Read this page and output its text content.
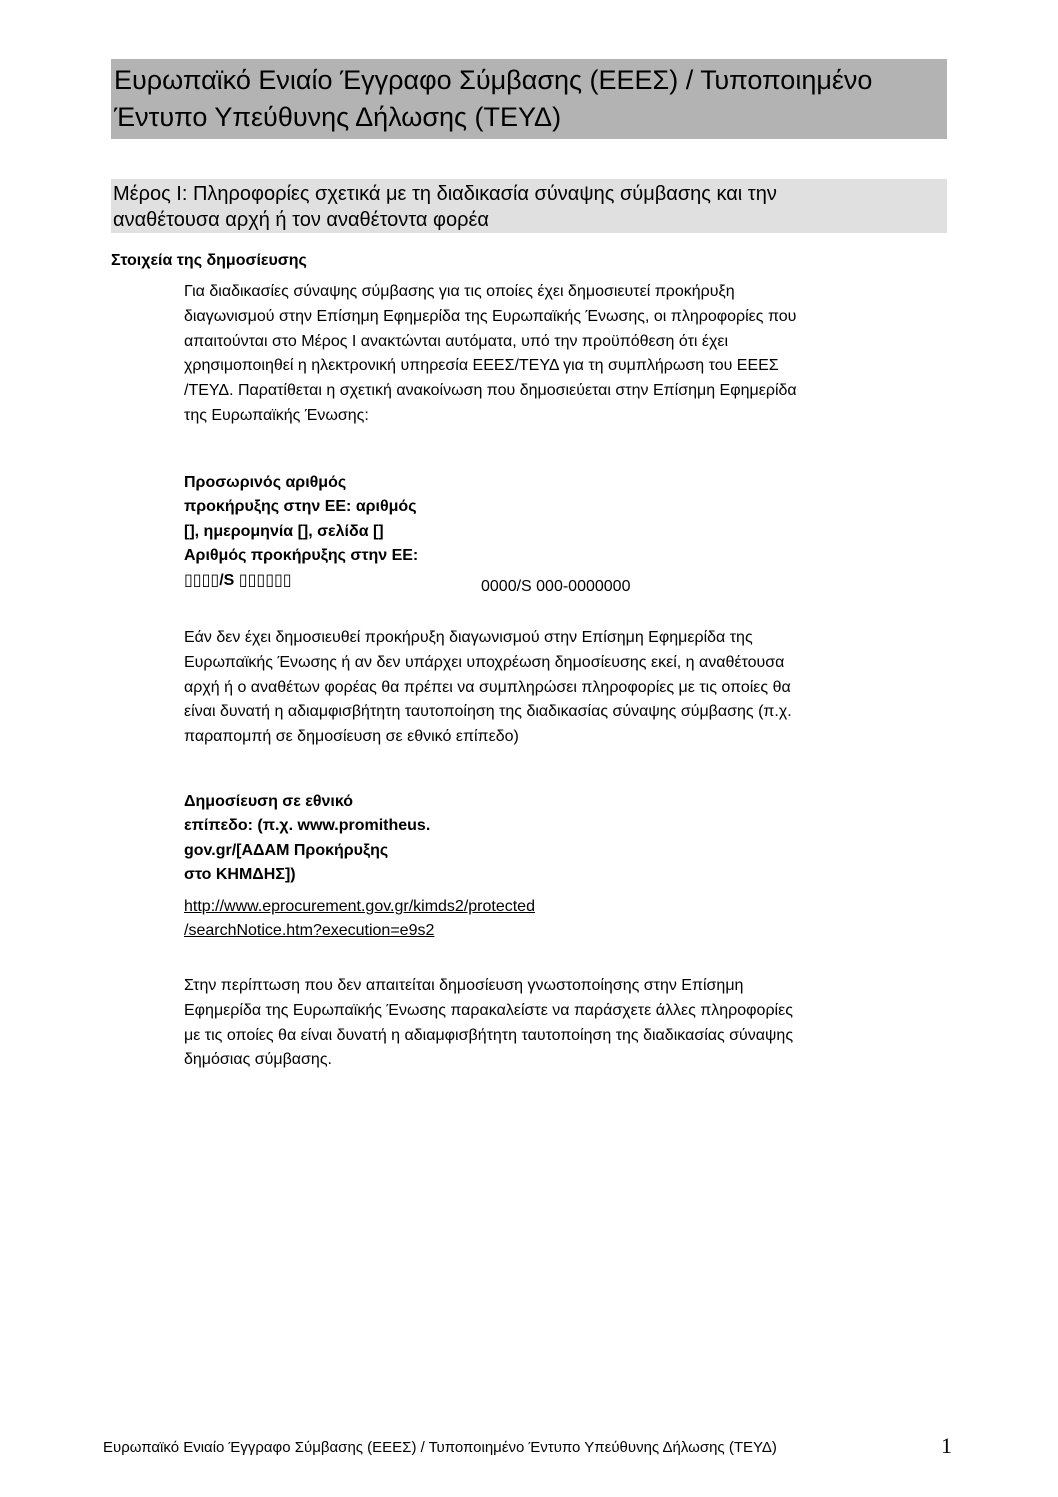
Ευρωπαϊκό Ενιαίο Έγγραφο Σύμβασης (ΕΕΕΣ) / Τυποποιημένο
Έντυπο Υπεύθυνης Δήλωσης (ΤΕΥΔ)
Μέρος Ι: Πληροφορίες σχετικά με τη διαδικασία σύναψης σύμβασης και την
αναθέτουσα αρχή ή τον αναθέτοντα φορέα
Στοιχεία της δημοσίευσης
Για διαδικασίες σύναψης σύμβασης για τις οποίες έχει δημοσιευτεί προκήρυξη
διαγωνισμού στην Επίσημη Εφημερίδα της Ευρωπαϊκής Ένωσης, οι πληροφορίες που
απαιτούνται στο Μέρος Ι ανακτώνται αυτόματα, υπό την προϋπόθεση ότι έχει
χρησιμοποιηθεί η ηλεκτρονική υπηρεσία ΕΕΕΣ/ΤΕΥΔ για τη συμπλήρωση του ΕΕΕΣ
/ΤΕΥΔ. Παρατίθεται η σχετική ανακοίνωση που δημοσιεύεται στην Επίσημη Εφημερίδα
της Ευρωπαϊκής Ένωσης:
Προσωρινός αριθμός
προκήρυξης στην ΕΕ: αριθμός
[], ημερομηνία [], σελίδα []
Αριθμός προκήρυξης στην ΕΕ:
▯▯▯▯/S ▯▯▯▯▯▯	0000/S 000-0000000
Εάν δεν έχει δημοσιευθεί προκήρυξη διαγωνισμού στην Επίσημη Εφημερίδα της
Ευρωπαϊκής Ένωσης ή αν δεν υπάρχει υποχρέωση δημοσίευσης εκεί, η αναθέτουσα
αρχή ή ο αναθέτων φορέας θα πρέπει να συμπληρώσει πληροφορίες με τις οποίες θα
είναι δυνατή η αδιαμφισβήτητη ταυτοποίηση της διαδικασίας σύναψης σύμβασης (π.χ.
παραπομπή σε δημοσίευση σε εθνικό επίπεδο)
Δημοσίευση σε εθνικό
επίπεδο: (π.χ. www.promitheus.
gov.gr/[ΑΔΑΜ Προκήρυξης
στο ΚΗΜΔΗΣ])
http://www.eprocurement.gov.gr/kimds2/protected
/searchNotice.htm?execution=e9s2
Στην περίπτωση που δεν απαιτείται δημοσίευση γνωστοποίησης στην Επίσημη
Εφημερίδα της Ευρωπαϊκής Ένωσης παρακαλείστε να παράσχετε άλλες πληροφορίες
με τις οποίες θα είναι δυνατή η αδιαμφισβήτητη ταυτοποίηση της διαδικασίας σύναψης
δημόσιας σύμβασης.
Ευρωπαϊκό Ενιαίο Έγγραφο Σύμβασης (ΕΕΕΣ) / Τυποποιημένο Έντυπο Υπεύθυνης Δήλωσης (ΤΕΥΔ)	1
